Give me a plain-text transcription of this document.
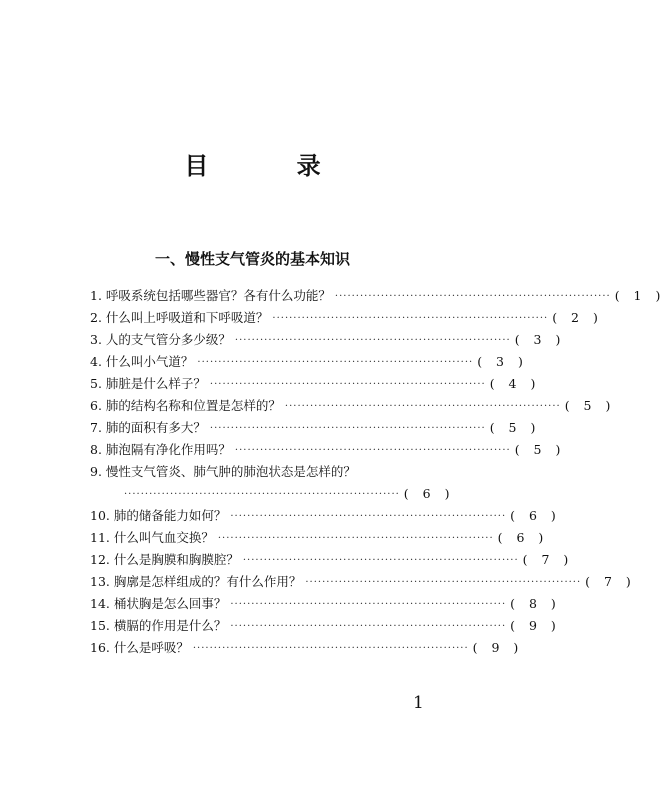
目 录
一、慢性支气管炎的基本知识
1. 呼吸系统包括哪些器官？各有什么功能？ ·································································· ( 1 )
2. 什么叫上呼吸道和下呼吸道？ ·································································· ( 2 )
3. 人的支气管分多少级？ ·································································· ( 3 )
4. 什么叫小气道？ ·································································· ( 3 )
5. 肺脏是什么样子？ ·································································· ( 4 )
6. 肺的结构名称和位置是怎样的？ ·································································· ( 5 )
7. 肺的面积有多大？ ·································································· ( 5 )
8. 肺泡隔有净化作用吗？ ·································································· ( 5 )
9. 慢性支气管炎、肺气肿的肺泡状态是怎样的？
·································································· ( 6 )
10. 肺的储备能力如何？ ·································································· ( 6 )
11. 什么叫气血交换？ ·································································· ( 6 )
12. 什么是胸膜和胸膜腔？ ·································································· ( 7 )
13. 胸廓是怎样组成的？有什么作用？ ·································································· ( 7 )
14. 桶状胸是怎么回事？ ·································································· ( 8 )
15. 横膈的作用是什么？ ·································································· ( 9 )
16. 什么是呼吸？ ·································································· ( 9 )
1
